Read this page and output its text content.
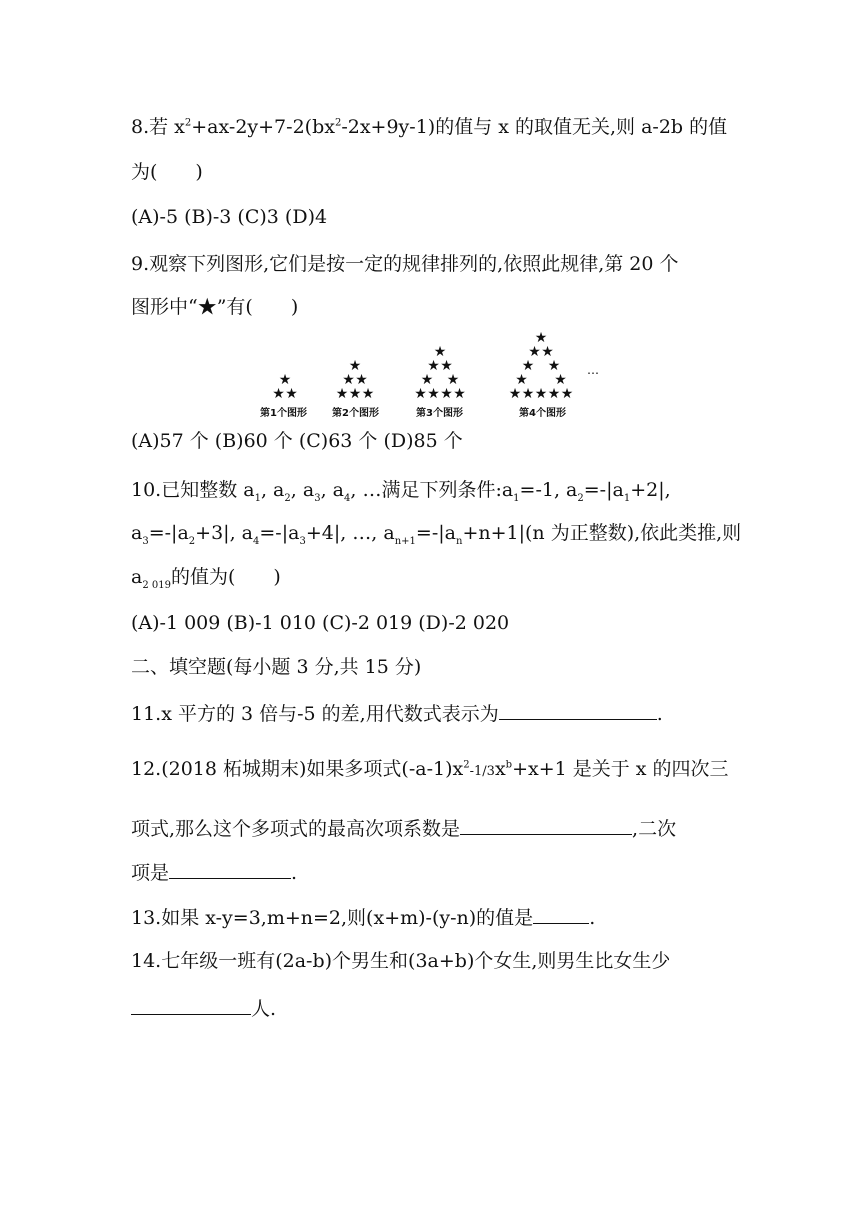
8.若 $x^2+ax-2y+7-2(bx^2-2x+9y-1)$的值与 x 的取值无关,则 a-2b 的值
为(　　)
(A)-5 (B)-3 (C)3 (D)4
9.观察下列图形,它们是按一定的规律排列的,依照此规律,第 20 个
图形中“★”有(　　)
★
★ ★
★
★ ★
★ ★ ★
★
★ ★
★ ★
★ ★ ★ ★
★
★ ★
★ ★
★ ★
★ ★ ★ ★ ★
第1个图形	第2个图形	第3个图形	第4个图形
…
(A)57 个 (B)60 个 (C)63 个 (D)85 个
10.已知整数 $a_1$, $a_2$, $a_3$, $a_4$, …满足下列条件$:a_1=-1$, $a_2=-|a_1+2|$,
$a_3=-|a_2+3|$, $a_4=-|a_3+4|$, …, $a_{n+1}=-|a_n+n+1|(n$ 为正整数),依此类推,则
$a_{2 019}$的值为(　　)
(A)-1 009 (B)-1 010 (C)-2 019 (D)-2 020
二、填空题(每小题 3 分,共 15 分)
11.x 平方的 3 倍与-5 的差,用代数式表示为	.
12.(2018 柘城期末)如果多项式$(-a-1)x^2-1/3x^b+x+1$ 是关于 x 的四次三
项式,那么这个多项式的最高次项系数是	,二次
项是	.
13.如果 x-y=3,m+n=2,则(x+m)-(y-n)的值是	.
14.七年级一班有(2a-b)个男生和(3a+b)个女生,则男生比女生少
人.
